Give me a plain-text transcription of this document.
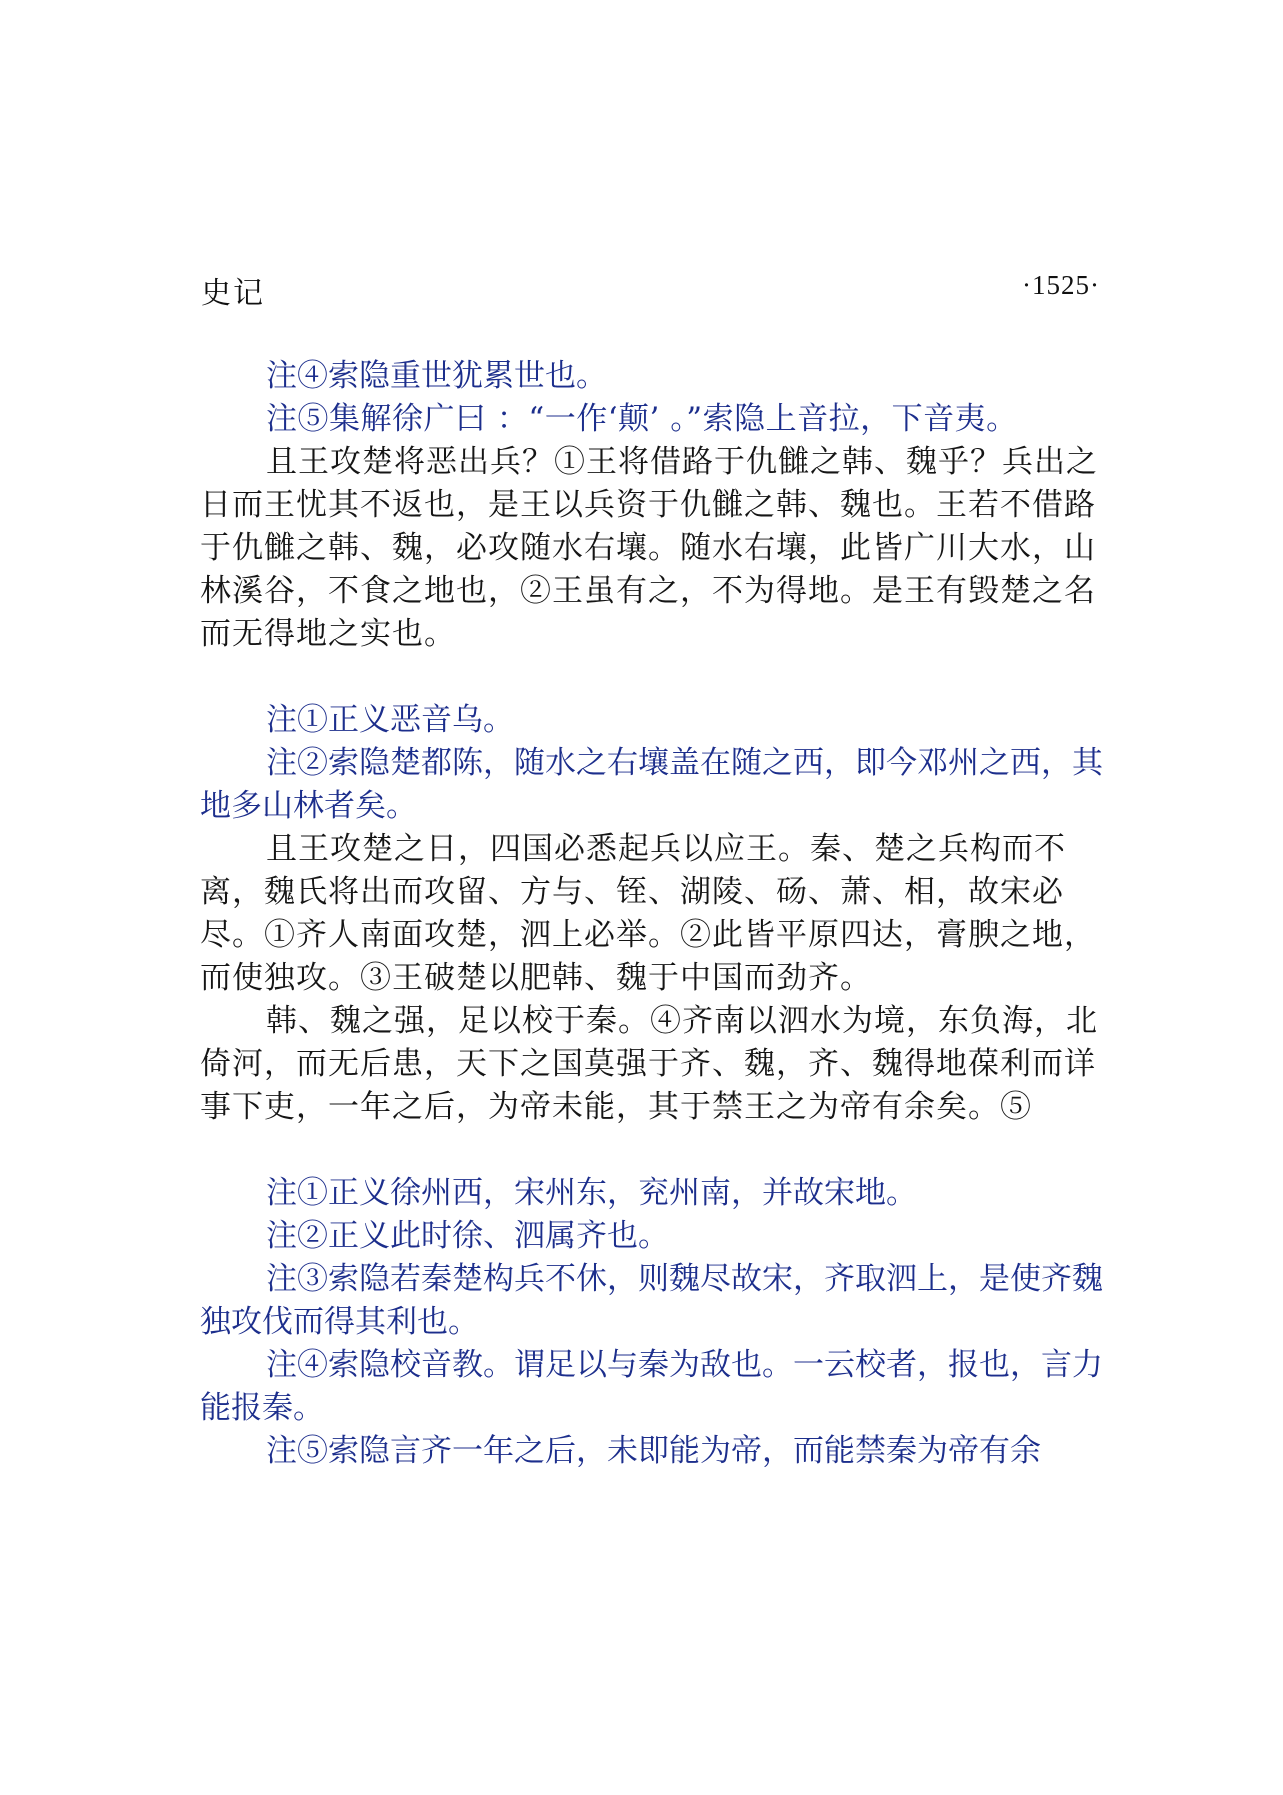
史记	·1525·

注④索隐重世犹累世也。

注⑤集解徐广曰 ：“一作‘颠’ 。”索隐上音拉，下音夷。

且王攻楚将恶出兵？①王将借路于仇雠之韩、魏乎？兵出之日而王忧其不返也，是王以兵资于仇雠之韩、魏也。王若不借路于仇雠之韩、魏，必攻随水右壤。随水右壤，此皆广川大水，山林溪谷，不食之地也，②王虽有之，不为得地。是王有毁楚之名而无得地之实也。

注①正义恶音乌。

注②索隐楚都陈，随水之右壤盖在随之西，即今邓州之西，其地多山林者矣。

且王攻楚之日，四国必悉起兵以应王。秦、楚之兵构而不离，魏氏将出而攻留、方与、铚、湖陵、砀、萧、相，故宋必尽。①齐人南面攻楚，泗上必举。②此皆平原四达，膏腴之地，而使独攻。③王破楚以肥韩、魏于中国而劲齐。

韩、魏之强，足以校于秦。④齐南以泗水为境，东负海，北倚河，而无后患，天下之国莫强于齐、魏，齐、魏得地葆利而详事下吏，一年之后，为帝未能，其于禁王之为帝有余矣。⑤

注①正义徐州西，宋州东，兖州南，并故宋地。

注②正义此时徐、泗属齐也。

注③索隐若秦楚构兵不休，则魏尽故宋，齐取泗上，是使齐魏独攻伐而得其利也。

注④索隐校音教。谓足以与秦为敌也。一云校者，报也，言力能报秦。

注⑤索隐言齐一年之后，未即能为帝，而能禁秦为帝有余
